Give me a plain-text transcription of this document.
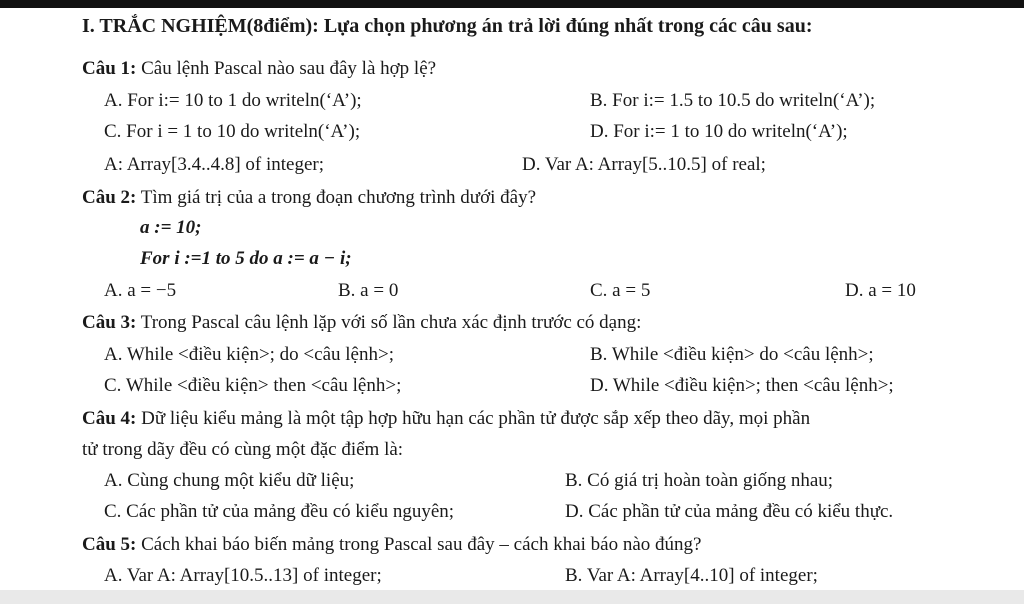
I. TRẮC NGHIỆM(8điểm): Lựa chọn phương án trả lời đúng nhất trong các câu sau:
Câu 1: Câu lệnh Pascal nào sau đây là hợp lệ?
A. For i:= 10 to 1 do writeln(‘A’);	B. For i:= 1.5 to 10.5 do writeln(‘A’);
C. For i = 1 to 10 do writeln(‘A’);	D. For i:= 1 to 10 do writeln(‘A’);
A: Array[3.4..4.8] of integer;	D. Var A: Array[5..10.5] of real;
Câu 2: Tìm giá trị của a trong đoạn chương trình dưới đây?
a := 10;
For i :=1 to 5 do a := a − i;
A. a = −5	B. a = 0	C. a = 5	D. a = 10
Câu 3: Trong Pascal câu lệnh lặp với số lần chưa xác định trước có dạng:
A. While <điều kiện>; do <câu lệnh>;	B. While <điều kiện> do <câu lệnh>;
C. While <điều kiện> then <câu lệnh>;	D. While <điều kiện>; then <câu lệnh>;
Câu 4: Dữ liệu kiểu mảng là một tập hợp hữu hạn các phần tử được sắp xếp theo dãy, mọi phần
tử trong dãy đều có cùng một đặc điểm là:
A. Cùng chung một kiểu dữ liệu;	B. Có giá trị hoàn toàn giống nhau;
C. Các phần tử của mảng đều có kiểu nguyên;	D. Các phần tử của mảng đều có kiểu thực.
Câu 5: Cách khai báo biến mảng trong Pascal sau đây – cách khai báo nào đúng?
A. Var A: Array[10.5..13] of integer;	B. Var A: Array[4..10] of integer;
